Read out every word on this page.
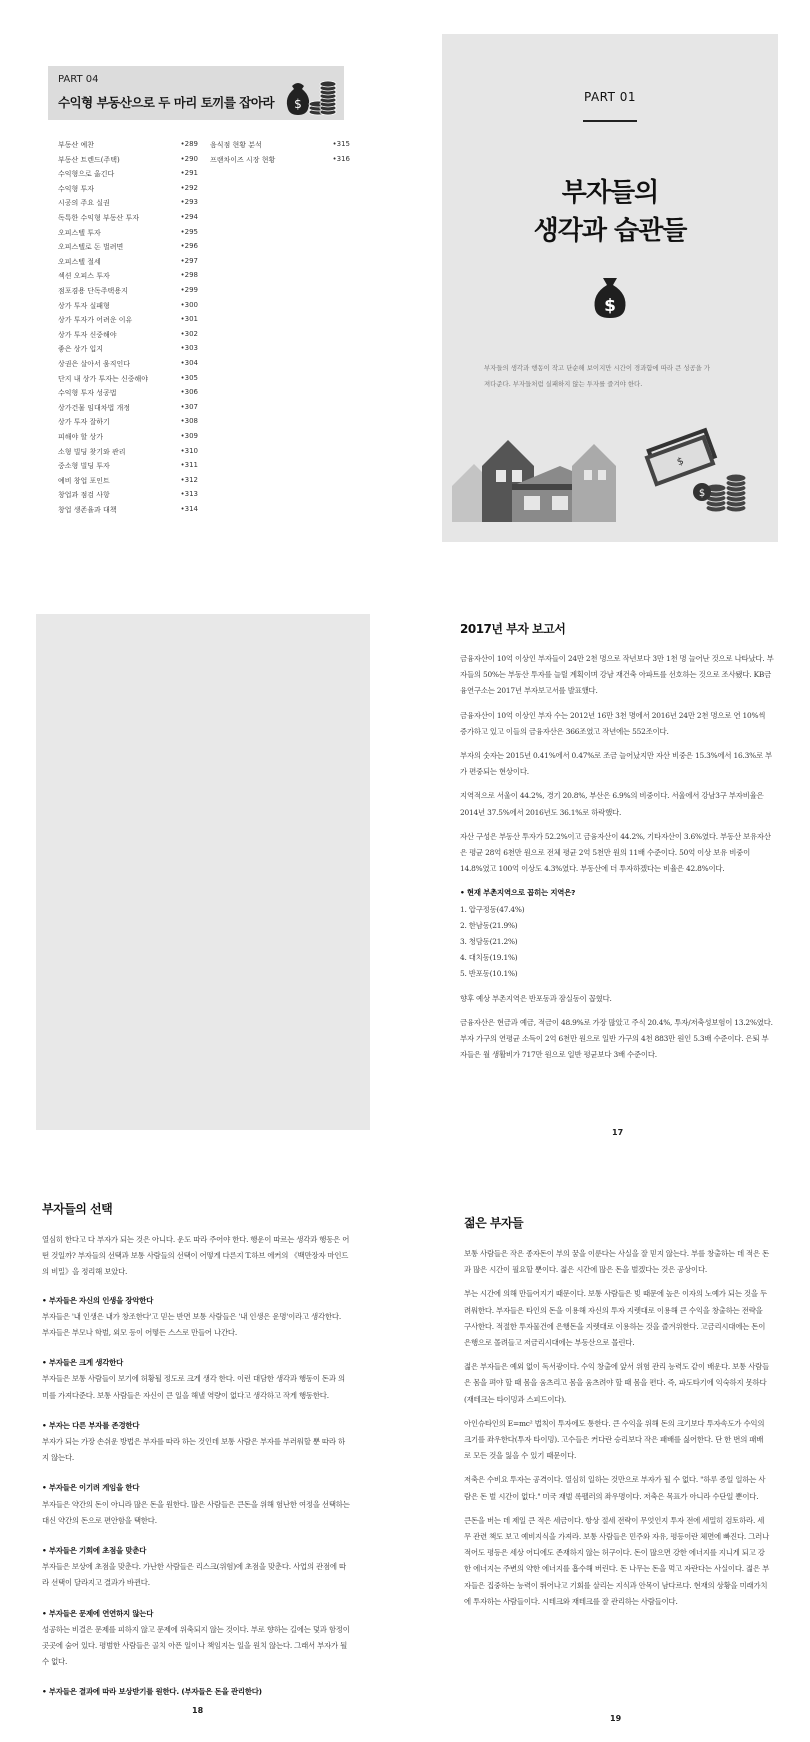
PART 04
수익형 부동산으로 두 마리 토끼를 잡아라 $
부동산 예찬	•289
부동산 트렌드(주택)	•290
수익형으로 옮긴다	•291
수익형 투자	•292
시공의 주요 실권	•293
독특한 수익형 부동산 투자	•294
오피스텔 투자	•295
오피스텔로 돈 벌려면	•296
오피스텔 절세	•297
섹션 오피스 투자	•298
점포겸용 단독주택용지	•299
상가 투자 실패형	•300
상가 투자가 어려운 이유	•301
상가 투자 신중해야	•302
좋은 상가 입지	•303
상권은 살아서 움직인다	•304
단지 내 상가 투자는 신중해야	•305
수익형 투자 성공법	•306
상가건물 임대차법 개정	•307
상가 투자 잘하기	•308
피해야 할 상가	•309
소형 빌딩 찾기와 관리	•310
중소형 빌딩 투자	•311
예비 창업 포인트	•312
창업과 점검 사항	•313
창업 생존율과 대책	•314
음식점 현황 분석	•315
프랜차이즈 시장 현황	•316
PART 01
부자들의
생각과 습관들
$
부자들의 생각과 행동이 작고 단순해 보이지만 시간이 경과함에 따라 큰 성공을 가
져다준다. 부자들처럼 실패하지 않는 투자를 즐겨야 한다.
$
$
2017년 부자 보고서

금융자산이 10억 이상인 부자들이 24만 2천 명으로 작년보다 3만 1천 명 늘어난 것으로 나타났다. 부자들의 50%는 부동산 투자를 늘릴 계획이며 강남 재건축 아파트를 선호하는 것으로 조사됐다. KB금융연구소는 2017년 부자보고서를 발표했다.

금융자산이 10억 이상인 부자 수는 2012년 16만 3천 명에서 2016년 24만 2천 명으로 연 10%씩 증가하고 있고 이들의 금융자산은 366조였고 작년에는 552조이다.

부자의 숫자는 2015년 0.41%에서 0.47%로 조금 늘어났지만 자산 비중은 15.3%에서 16.3%로 부가 편중되는 현상이다.

지역적으로 서울이 44.2%, 경기 20.8%, 부산은 6.9%의 비중이다. 서울에서 강남3구 부자비율은 2014년 37.5%에서 2016년도 36.1%로 하락했다.

자산 구성은 부동산 투자가 52.2%이고 금융자산이 44.2%, 기타자산이 3.6%였다. 부동산 보유자산은 평균 28억 6천만 원으로 전체 평균 2억 5천만 원의 11배 수준이다. 50억 이상 보유 비중이 14.8%였고 100억 이상도 4.3%였다. 부동산에 더 투자하겠다는 비율은 42.8%이다.

• 현재 부촌지역으로 꼽히는 지역은?
1. 압구정동(47.4%)
2. 한남동(21.9%)
3. 청담동(21.2%)
4. 대치동(19.1%)
5. 반포동(10.1%)

향후 예상 부촌지역은 반포동과 잠실동이 꼽혔다.

금융자산은 현금과 예금, 적금이 48.9%로 가장 많았고 주식 20.4%, 투자/저축성보험이 13.2%였다. 부자 가구의 연평균 소득이 2억 6천만 원으로 일반 가구의 4천 883만 원인 5.3배 수준이다. 은퇴 부자들은 월 생활비가 717만 원으로 일반 평균보다 3배 수준이다.

17
부자들의 선택

열심히 한다고 다 부자가 되는 것은 아니다. 운도 따라 주어야 한다. 행운이 따르는 생각과 행동은 어떤 것일까? 부자들의 선택과 보통 사람들의 선택이 어떻게 다른지 T.하브 에커의 《백만장자 마인드의 비밀》을 정리해 보았다.

• 부자들은 자신의 인생을 장악한다

부자들은 '내 인생은 내가 창조한다'고 믿는 반면 보통 사람들은 '내 인생은 운명'이라고 생각한다. 부자들은 부모나 학벌, 외모 등이 어떻든 스스로 만들어 나간다.

• 부자들은 크게 생각한다

부자들은 보통 사람들이 보기에 허황될 정도로 크게 생각 한다. 이런 대담한 생각과 행동이 돈과 의미를 가져다준다. 보통 사람들은 자신이 큰 일을 해낼 역량이 없다고 생각하고 작게 행동한다.

• 부자는 다른 부자를 존경한다

부자가 되는 가장 손쉬운 방법은 부자를 따라 하는 것인데 보통 사람은 부자를 부러워할 뿐 따라 하지 않는다.

• 부자들은 이기려 게임을 한다

부자들은 약간의 돈이 아니라 많은 돈을 원한다. 많은 사람들은 큰돈을 위해 험난한 여정을 선택하는 대신 약간의 돈으로 편안함을 택한다.

• 부자들은 기회에 초점을 맞춘다

부자들은 보상에 초점을 맞춘다. 가난한 사람들은 리스크(위험)에 초점을 맞춘다. 사업의 관점에 따라 선택이 달라지고 결과가 바뀐다.

• 부자들은 문제에 연연하지 않는다

성공하는 비결은 문제를 피하지 않고 문제에 위축되지 않는 것이다. 부로 향하는 길에는 덫과 함정이 곳곳에 숨어 있다. 평범한 사람들은 골치 아픈 일이나 책임지는 일을 원치 않는다. 그래서 부자가 될 수 없다.

• 부자들은 결과에 따라 보상받기를 원한다. (부자들은 돈을 관리한다)
18
젊은 부자들

보통 사람들은 작은 종자돈이 부의 꿈을 이룬다는 사실을 잘 믿지 않는다. 부를 창출하는 데 적은 돈과 많은 시간이 필요할 뿐이다. 젊은 시간에 많은 돈을 벌겠다는 것은 공상이다.

부는 시간에 의해 만들어지기 때문이다. 보통 사람들은 빚 때문에 높은 이자의 노예가 되는 것을 두려워한다. 부자들은 타인의 돈을 이용해 자신의 투자 지렛대로 이용해 큰 수익을 창출하는 전략을 구사한다. 적절한 투자물건에 은행돈을 지렛대로 이용하는 것을 즐겨위한다. 고금리시대에는 돈이 은행으로 몰려들고 저금리시대에는 부동산으로 몰린다.

젊은 부자들은 예외 없이 독서광이다. 수익 창출에 앞서 위험 관리 능력도 같이 배운다. 보통 사람들은 몸을 펴야 할 때 몸을 움츠리고 몸을 움츠려야 할 때 몸을 편다. 즉, 파도타기에 익숙하지 못하다(재테크는 타이밍과 스피드이다).

아인슈타인의 E=mc² 법칙이 투자에도 통한다. 큰 수익을 위해 돈의 크기보다 투자속도가 수익의 크기를 좌우한다(투자 타이밍). 고수들은 커다란 승리보다 작은 패배를 싫어한다. 단 한 번의 패배로 모든 것을 잃을 수 있기 때문이다.

저축은 수비요 투자는 공격이다. 열심히 일하는 것만으로 부자가 될 수 없다. "하루 종일 일하는 사람은 돈 벌 시간이 없다." 미국 재벌 록펠러의 좌우명이다. 저축은 목표가 아니라 수단일 뿐이다.

큰돈을 버는 데 제일 큰 적은 세금이다. 항상 절세 전략이 무엇인지 투자 전에 세밀히 검토하라. 세무 관련 책도 보고 예비지식을 가져라. 보통 사람들은 민주와 자유, 평등이란 체면에 빠진다. 그러나 적어도 평등은 세상 어디에도 존재하지 않는 허구이다. 돈이 많으면 강한 에너지를 지니게 되고 강한 에너지는 주변의 약한 에너지를 흡수해 버린다. 돈 나무는 돈을 먹고 자란다는 사실이다. 젊은 부자들은 집중하는 능력이 뛰어나고 기회를 살리는 지식과 안목이 남다르다. 현재의 상황을 미래가치에 투자하는 사람들이다. 시테크와 재테크를 잘 관리하는 사람들이다.

19
